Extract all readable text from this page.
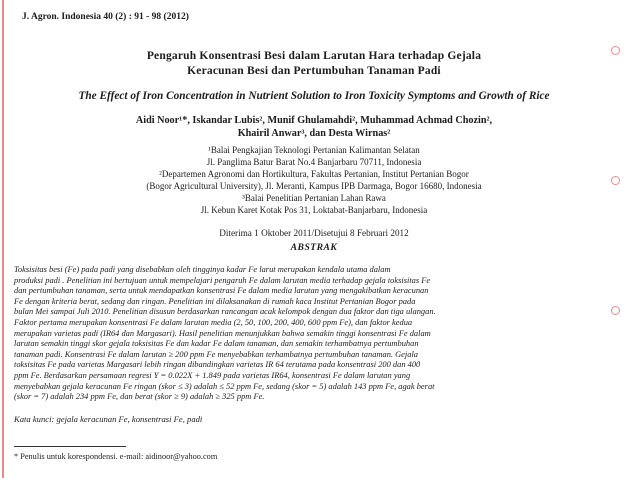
J. Agron. Indonesia 40 (2) : 91 - 98 (2012)
Pengaruh Konsentrasi Besi dalam Larutan Hara terhadap Gejala
Keracunan Besi dan Pertumbuhan Tanaman Padi
The Effect of Iron Concentration in Nutrient Solution to Iron Toxicity Symptoms and Growth of Rice
Aidi Noor¹*, Iskandar Lubis², Munif Ghulamahdi², Muhammad Achmad Chozin²,
Khairil Anwar³, dan Desta Wirnas²
¹Balai Pengkajian Teknologi Pertanian Kalimantan Selatan
Jl. Panglima Batur Barat No.4 Banjarbaru 70711, Indonesia
²Departemen Agronomi dan Hortikultura, Fakultas Pertanian, Institut Pertanian Bogor
(Bogor Agricultural University), Jl. Meranti, Kampus IPB Darmaga, Bogor 16680, Indonesia
³Balai Penelitian Pertanian Lahan Rawa
Jl. Kebun Karet Kotak Pos 31, Loktabat-Banjarbaru, Indonesia
Diterima 1 Oktober 2011/Disetujui 8 Februari 2012
ABSTRAK
Toksisitas besi (Fe) pada padi yang disebabkan oleh tingginya kadar Fe larut merupakan kendala utama dalam
produksi padi . Penelitian ini bertujuan untuk mempelajari pengaruh Fe dalam larutan media terhadap gejala toksisitas Fe
dan pertumbuhan tanaman, serta untuk mendapatkan konsentrasi Fe dalam media larutan yang mengakibatkan keracunan
Fe dengan kriteria berat, sedang dan ringan. Penelitian ini dilaksanakan di rumah kaca Institut Pertanian Bogor pada
bulan Mei sampai Juli 2010. Penelitian disusun berdasarkan rancangan acak kelompok dengan dua faktor dan tiga ulangan.
Faktor pertama merupakan konsentrasi Fe dalam larutan media (2, 50, 100, 200, 400, 600 ppm Fe), dan faktor kedua
merupakan varietas padi (IR64 dan Margasari). Hasil penelitian menunjukkan bahwa semakin tinggi konsentrasi Fe dalam
larutan semakin tinggi skor gejala toksisitas Fe dan kadar Fe dalam tanaman, dan semakin terhambatnya pertumbuhan
tanaman padi. Konsentrasi Fe dalam larutan ≥ 200 ppm Fe menyebabkan terhambatnya pertumbuhan tanaman. Gejala
toksisitas Fe pada varietas Margasari lebih ringan dibandingkan varietas IR 64 terutama pada konsentrasi 200 dan 400
ppm Fe. Berdasarkan persamaan regresi Y = 0.022X + 1.849 pada varietas IR64, konsentrasi Fe dalam larutan yang
menyebabkan gejala keracunan Fe ringan (skor ≤ 3) adalah ≤ 52 ppm Fe, sedang (skor = 5) adalah 143 ppm Fe, agak berat
(skor = 7) adalah 234 ppm Fe, dan berat (skor ≥ 9) adalah ≥ 325 ppm Fe.
Kata kunci: gejala keracunan Fe, konsentrasi Fe, padi
* Penulis untuk korespondensi. e-mail: aidinoor@yahoo.com
